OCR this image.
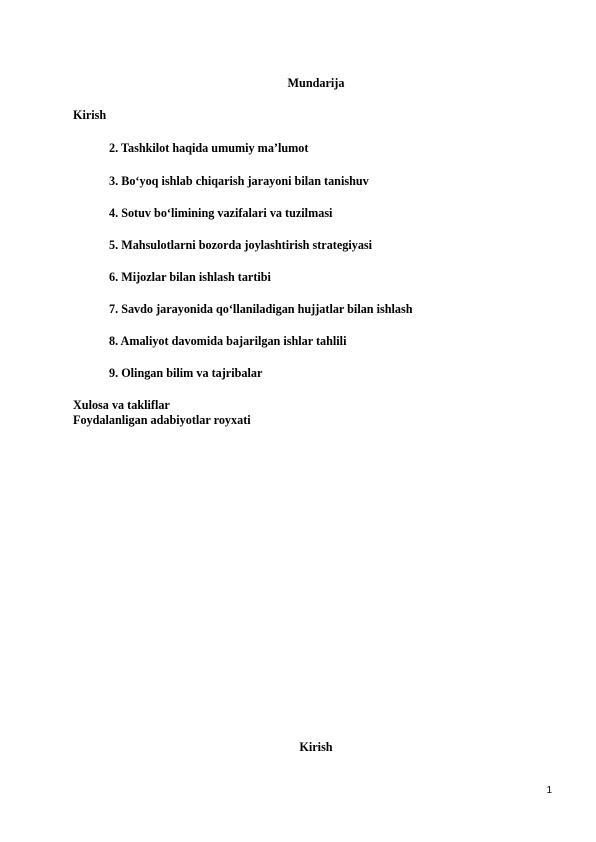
Mundarija
Kirish
2. Tashkilot haqida umumiy ma’lumot
3. Bo‘yoq ishlab chiqarish jarayoni bilan tanishuv
4. Sotuv bo‘limining vazifalari va tuzilmasi
5. Mahsulotlarni bozorda joylashtirish strategiyasi
6. Mijozlar bilan ishlash tartibi
7. Savdo jarayonida qo‘llaniladigan hujjatlar bilan ishlash
8. Amaliyot davomida bajarilgan ishlar tahlili
9. Olingan bilim va tajribalar
Xulosa va takliflar
Foydalanligan adabiyotlar royxati
Kirish
1
